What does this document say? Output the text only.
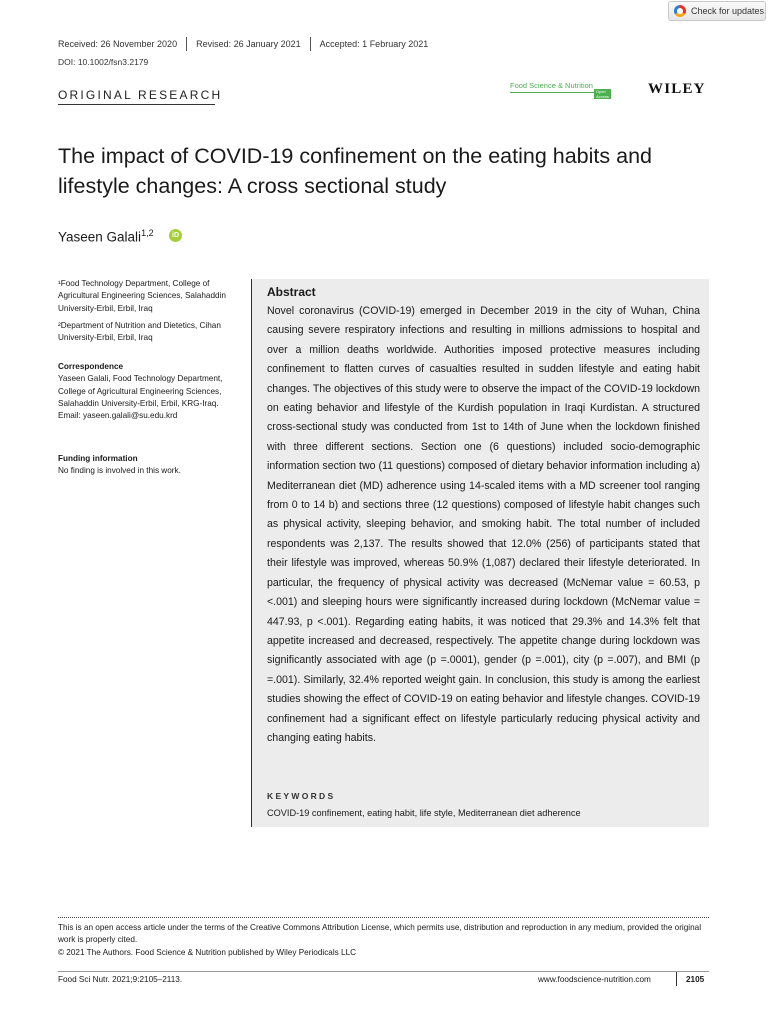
Check for updates
Received: 26 November 2020	Revised: 26 January 2021	Accepted: 1 February 2021
DOI: 10.1002/fsn3.2179
ORIGINAL RESEARCH
Food Science & Nutrition
Open Access	WILEY
The impact of COVID-19 confinement on the eating habits and lifestyle changes: A cross sectional study
Yaseen Galali$^{1,2}$	iD
¹Food Technology Department, College of Agricultural Engineering Sciences, Salahaddin University-Erbil, Erbil, Iraq
²Department of Nutrition and Dietetics, Cihan University-Erbil, Erbil, Iraq
Correspondence
Yaseen Galali, Food Technology Department, College of Agricultural Engineering Sciences, Salahaddin University-Erbil, Erbil, KRG-Iraq.
Email: yaseen.galali@su.edu.krd
Funding information
No finding is involved in this work.
Abstract
Novel coronavirus (COVID-19) emerged in December 2019 in the city of Wuhan, China causing severe respiratory infections and resulting in millions admissions to hospital and over a million deaths worldwide. Authorities imposed protective measures including confinement to flatten curves of casualties resulted in sudden lifestyle and eating habit changes. The objectives of this study were to observe the impact of the COVID-19 lockdown on eating behavior and lifestyle of the Kurdish population in Iraqi Kurdistan. A structured cross-sectional study was conducted from 1st to 14th of June when the lockdown finished with three different sections. Section one (6 questions) included socio-demographic information section two (11 questions) composed of dietary behavior information including a) Mediterranean diet (MD) adherence using 14-scaled items with a MD screener tool ranging from 0 to 14 b) and sections three (12 questions) composed of lifestyle habit changes such as physical activity, sleeping behavior, and smoking habit. The total number of included respondents was 2,137. The results showed that 12.0% (256) of participants stated that their lifestyle was improved, whereas 50.9% (1,087) declared their lifestyle deteriorated. In particular, the frequency of physical activity was decreased (McNemar value = 60.53, p <.001) and sleeping hours were significantly increased during lockdown (McNemar value = 447.93, p <.001). Regarding eating habits, it was noticed that 29.3% and 14.3% felt that appetite increased and decreased, respectively. The appetite change during lockdown was significantly associated with age (p =.0001), gender (p =.001), city (p =.007), and BMI (p =.001). Similarly, 32.4% reported weight gain. In conclusion, this study is among the earliest studies showing the effect of COVID-19 on eating behavior and lifestyle changes. COVID-19 confinement had a significant effect on lifestyle particularly reducing physical activity and changing eating habits.
KEYWORDS
COVID-19 confinement, eating habit, life style, Mediterranean diet adherence
This is an open access article under the terms of the Creative Commons Attribution License, which permits use, distribution and reproduction in any medium, provided the original work is properly cited.
© 2021 The Authors. Food Science & Nutrition published by Wiley Periodicals LLC
Food Sci Nutr. 2021;9:2105–2113.	www.foodscience-nutrition.com	2105
